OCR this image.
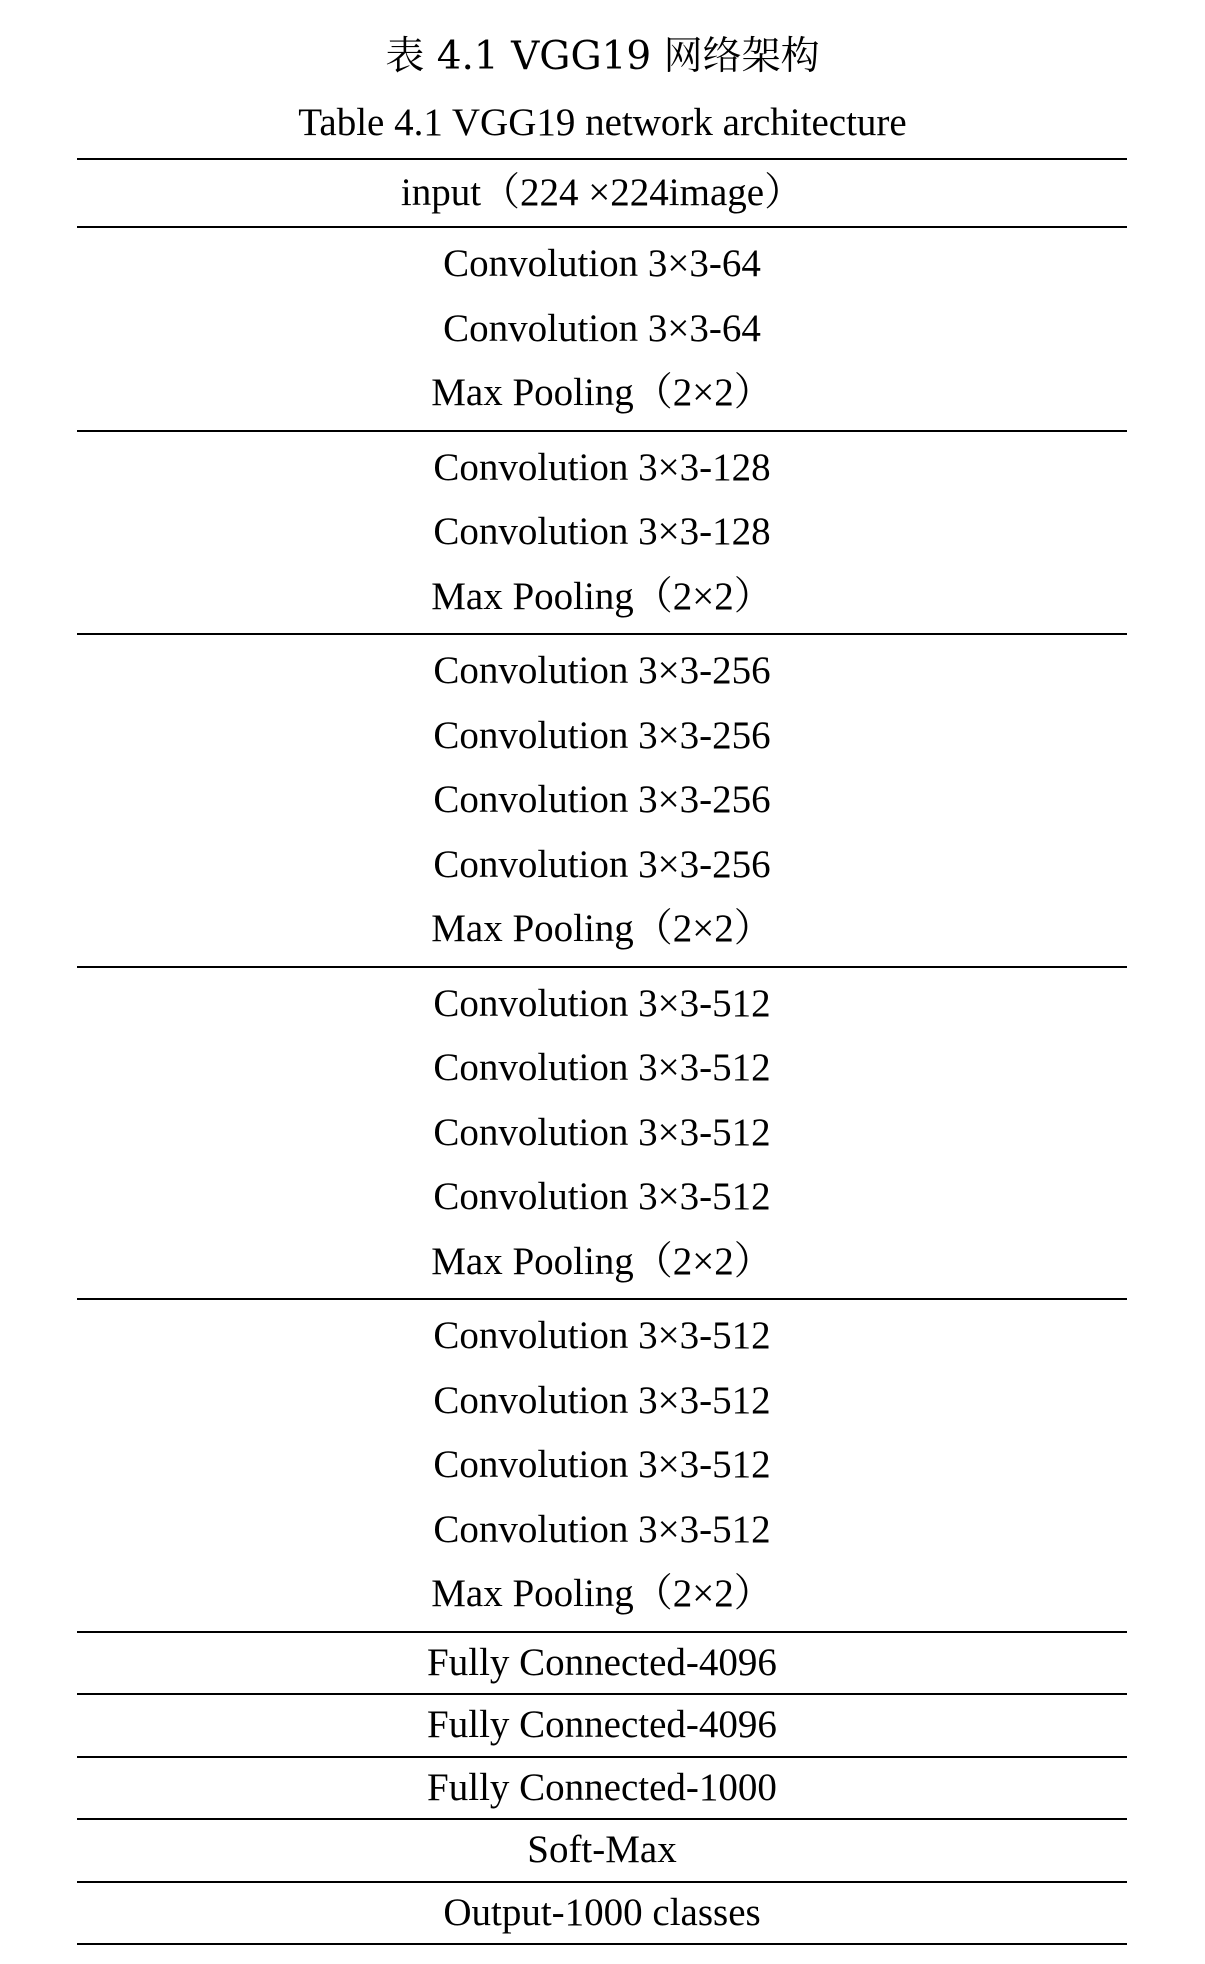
表 4.1 VGG19 网络架构
Table 4.1 VGG19 network architecture
input（224 ×224image）
Convolution 3×3-64
Convolution 3×3-64
Max Pooling（2×2）
Convolution 3×3-128
Convolution 3×3-128
Max Pooling（2×2）
Convolution 3×3-256
Convolution 3×3-256
Convolution 3×3-256
Convolution 3×3-256
Max Pooling（2×2）
Convolution 3×3-512
Convolution 3×3-512
Convolution 3×3-512
Convolution 3×3-512
Max Pooling（2×2）
Convolution 3×3-512
Convolution 3×3-512
Convolution 3×3-512
Convolution 3×3-512
Max Pooling（2×2）
Fully Connected-4096
Fully Connected-4096
Fully Connected-1000
Soft-Max
Output-1000 classes
